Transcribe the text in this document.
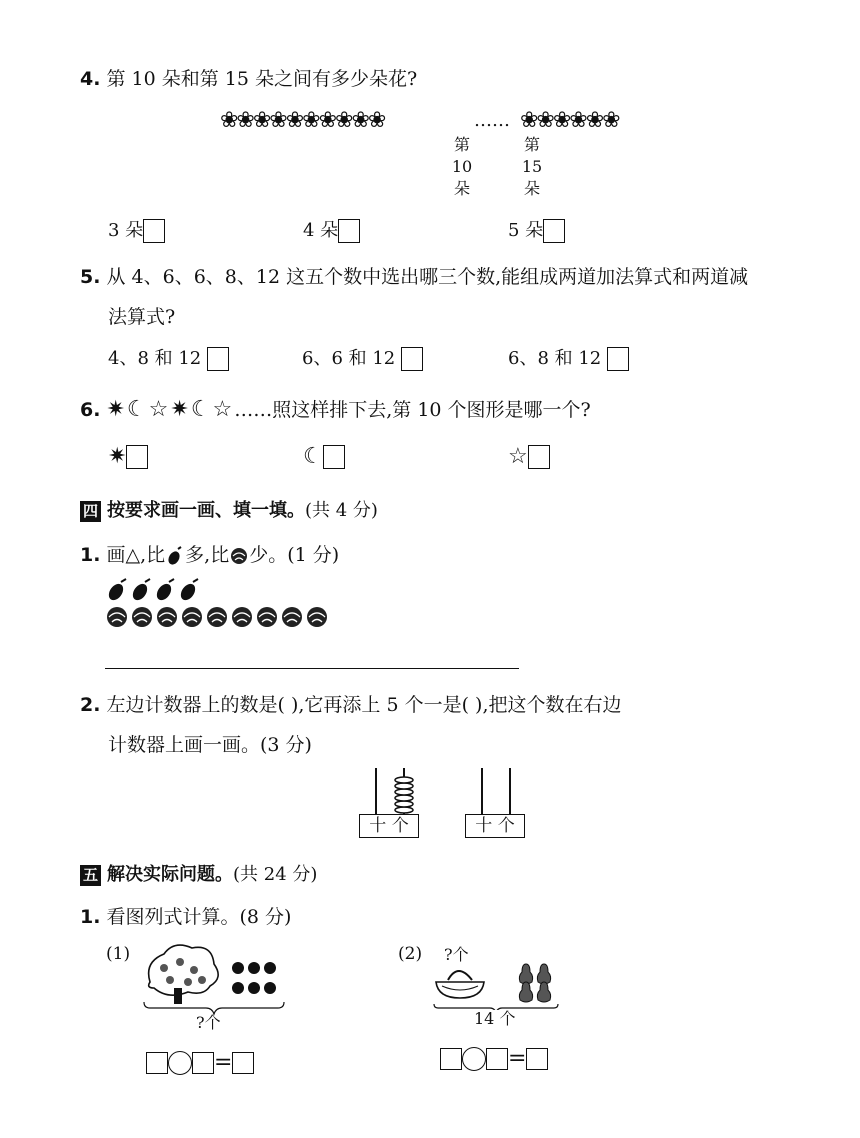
4. 第 10 朵和第 15 朵之间有多少朵花?
❀❀❀❀❀❀❀❀❀❀	…… ❀❀❀❀❀❀
第
10
朵
第
15
朵
3 朵	4 朵	5 朵
5. 从 4、6、6、8、12 这五个数中选出哪三个数,能组成两道加法算式和两道减
法算式?
4、8 和 12	6、6 和 12	6、8 和 12
6. ✷☾☆✷☾☆……照这样排下去,第 10 个图形是哪一个?
✷	☾	☆
四 按要求画一画、填一填。(共 4 分)
1. 画△,比 多,比 少。(1 分)
2. 左边计数器上的数是( ),它再添上 5 个一是( ),把这个数在右边
计数器上画一画。(3 分)
十 个	十 个
五 解决实际问题。(共 24 分)
1. 看图列式计算。(8 分)
(1)
?个
=
(2) ?个
14 个
=
